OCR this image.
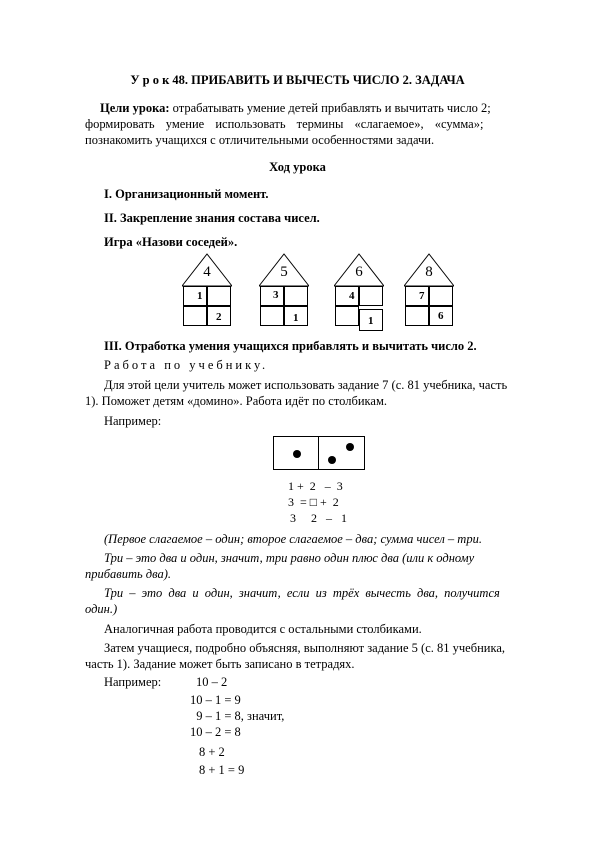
У р о к 48. ПРИБАВИТЬ И ВЫЧЕСТЬ ЧИСЛО 2. ЗАДАЧА
Цели урока: отрабатывать умение детей прибавлять и вычитать число 2;
формировать умение использовать термины «слагаемое», «сумма»;
познакомить учащихся с отличительными особенностями задачи.
Ход урока
I. Организационный момент.
II. Закрепление знания состава чисел.
Игра «Назови соседей».
4
1
2
5
3
1
6
4
1
8
7
6
III. Отработка умения учащихся прибавлять и вычитать число 2.
Работа по учебнику.
Для этой цели учитель может использовать задание 7 (с. 81 учебника, часть
1). Поможет детям «домино». Работа идёт по столбикам.
Например:
1 +  2   –  3
3  = □ +  2
3     2   –   1
(Первое слагаемое – один; второе слагаемое – два; сумма чисел – три.
Три – это два и один, значит, три равно один плюс два (или к одному
прибавить два).
Три – это два и один, значит, если из трёх вычесть два, получится
один.)
Аналогичная работа проводится с остальными столбиками.
Затем учащиеся, подробно объясняя, выполняют задание 5 (с. 81 учебника,
часть 1). Задание может быть записано в тетрадях.
Например:	10 – 2
10 – 1 = 9
9 – 1 = 8, значит,
10 – 2 = 8
8 + 2
8 + 1 = 9
